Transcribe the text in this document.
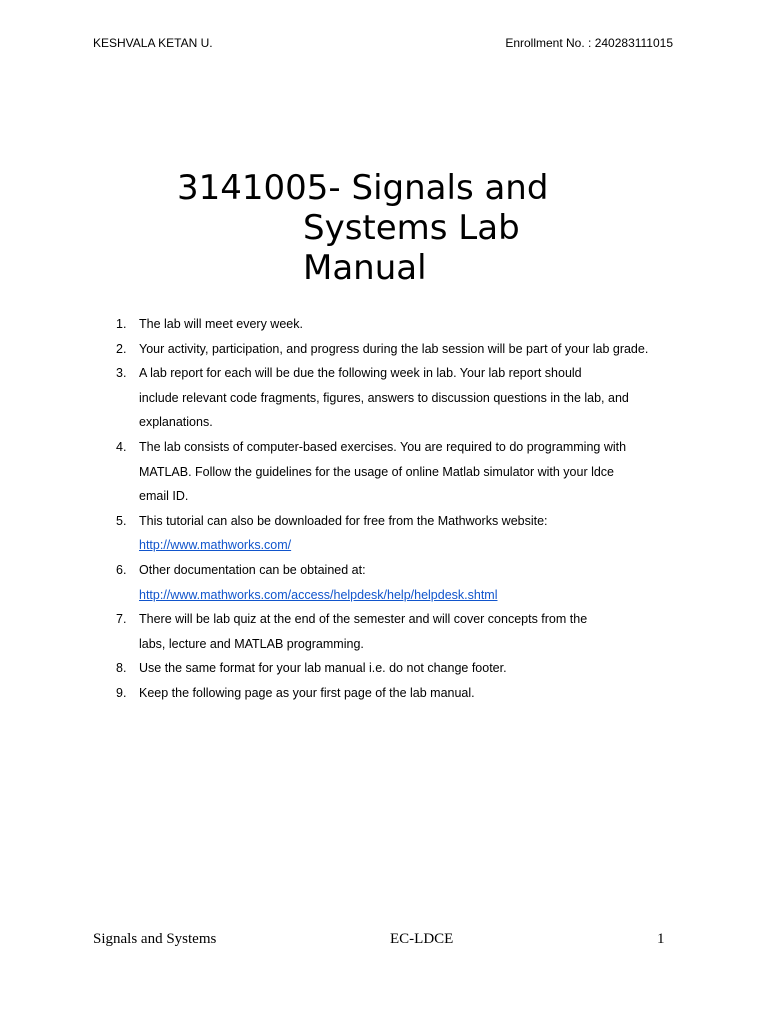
KESHVALA KETAN U.	Enrollment No. : 240283111015
3141005- Signals and
Systems Lab
Manual
1. The lab will meet every week.
2. Your activity, participation, and progress during the lab session will be part of your lab grade.
3. A lab report for each will be due the following week in lab. Your lab report should
include relevant code fragments, figures, answers to discussion questions in the lab, and
explanations.
4. The lab consists of computer-based exercises. You are required to do programming with
MATLAB. Follow the guidelines for the usage of online Matlab simulator with your ldce
email ID.
5. This tutorial can also be downloaded for free from the Mathworks website:
http://www.mathworks.com/
6. Other documentation can be obtained at:
http://www.mathworks.com/access/helpdesk/help/helpdesk.shtml
7. There will be lab quiz at the end of the semester and will cover concepts from the
labs, lecture and MATLAB programming.
8. Use the same format for your lab manual i.e. do not change footer.
9. Keep the following page as your first page of the lab manual.
Signals and Systems	EC-LDCE	1
